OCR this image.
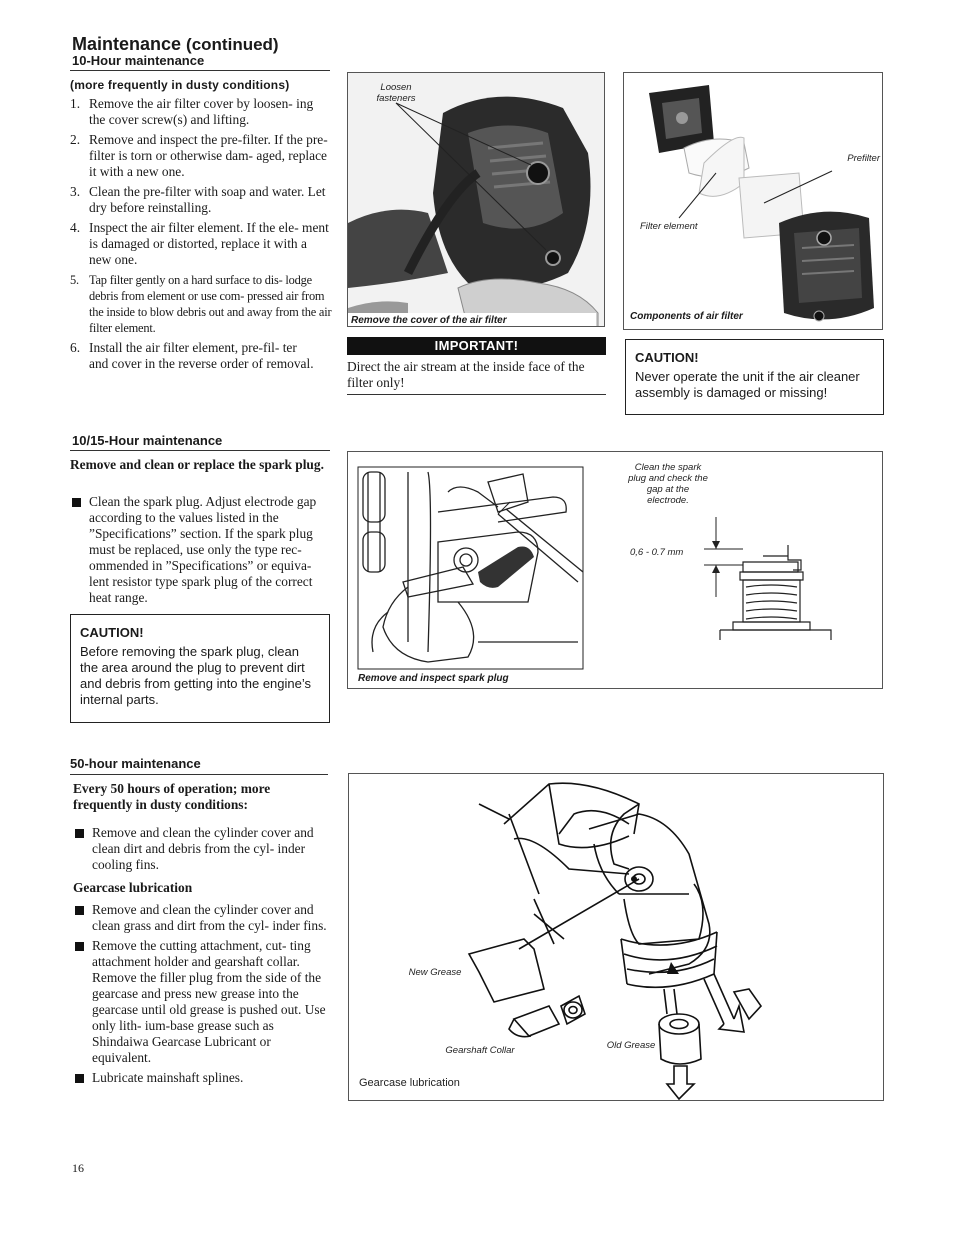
Maintenance (continued)
10-Hour maintenance
(more frequently in dusty conditions)
1. Remove the air filter cover by loosen- ing the cover screw(s) and lifting.
2. Remove and inspect the pre-filter. If the pre-filter is torn or otherwise dam- aged, replace it with a new one.
3. Clean the pre-filter with soap and water. Let dry before reinstalling.
4. Inspect the air filter element. If the ele- ment is damaged or distorted, replace it with a new one.
5. Tap filter gently on a hard surface to dis- lodge debris from element or use com- pressed air from the inside to blow debris out and away from the air filter element.
6. Install the air filter element, pre-fil- ter and cover in the reverse order of removal.
Loosen fasteners
Remove the cover of the air filter
Prefilter
Filter element
Components of air filter
IMPORTANT!
Direct the air stream at the inside face of the filter only!
CAUTION!
Never operate the unit if the air cleaner assembly is damaged or missing!
10/15-Hour maintenance
Remove and clean or replace the spark plug.
Clean the spark plug. Adjust electrode gap according to the values listed in the ”Specifications” section. If the spark plug must be replaced, use only the type rec- ommended in ”Specifications” or equiva- lent resistor type spark plug of the correct heat range.
CAUTION!
Before removing the spark plug, clean the area around the plug to prevent dirt and debris from getting into the engine’s internal parts.
Clean the spark plug and check the gap at the electrode.
0,6 - 0.7 mm
Remove and inspect spark plug
50-hour maintenance
Every 50 hours of operation; more frequently in dusty conditions:
Remove and clean the cylinder cover and clean dirt and debris from the cyl- inder cooling fins.
Gearcase lubrication
Remove and clean the cylinder cover and clean grass and dirt from the cyl- inder fins.
Remove the cutting attachment, cut- ting attachment holder and gearshaft collar. Remove the filler plug from the side of the gearcase and press new grease into the gearcase until old grease is pushed out. Use only lith- ium-base grease such as Shindaiwa Gearcase Lubricant or equivalent.
Lubricate mainshaft splines.
New Grease
Gearshaft Collar	Old Grease
Gearcase lubrication
16
